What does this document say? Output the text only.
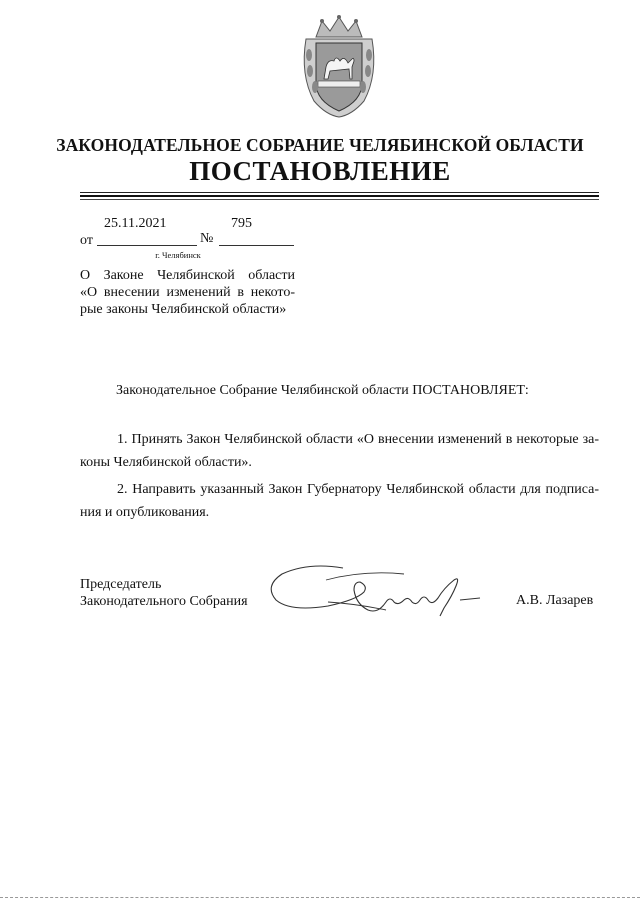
ЗАКОНОДАТЕЛЬНОЕ СОБРАНИЕ ЧЕЛЯБИНСКОЙ ОБЛАСТИ
ПОСТАНОВЛЕНИЕ
25.11.2021	795
от	№
г. Челябинск
О Законе Челябинской области
«О внесении изменений в некото-
рые законы Челябинской области»
Законодательное Собрание Челябинской области ПОСТАНОВЛЯЕТ:
1. Принять Закон Челябинской области «О внесении изменений в некоторые за-
коны Челябинской области».
2. Направить указанный Закон Губернатору Челябинской области для подписа-
ния и опубликования.
Председатель
Законодательного Собрания	А.В. Лазарев
